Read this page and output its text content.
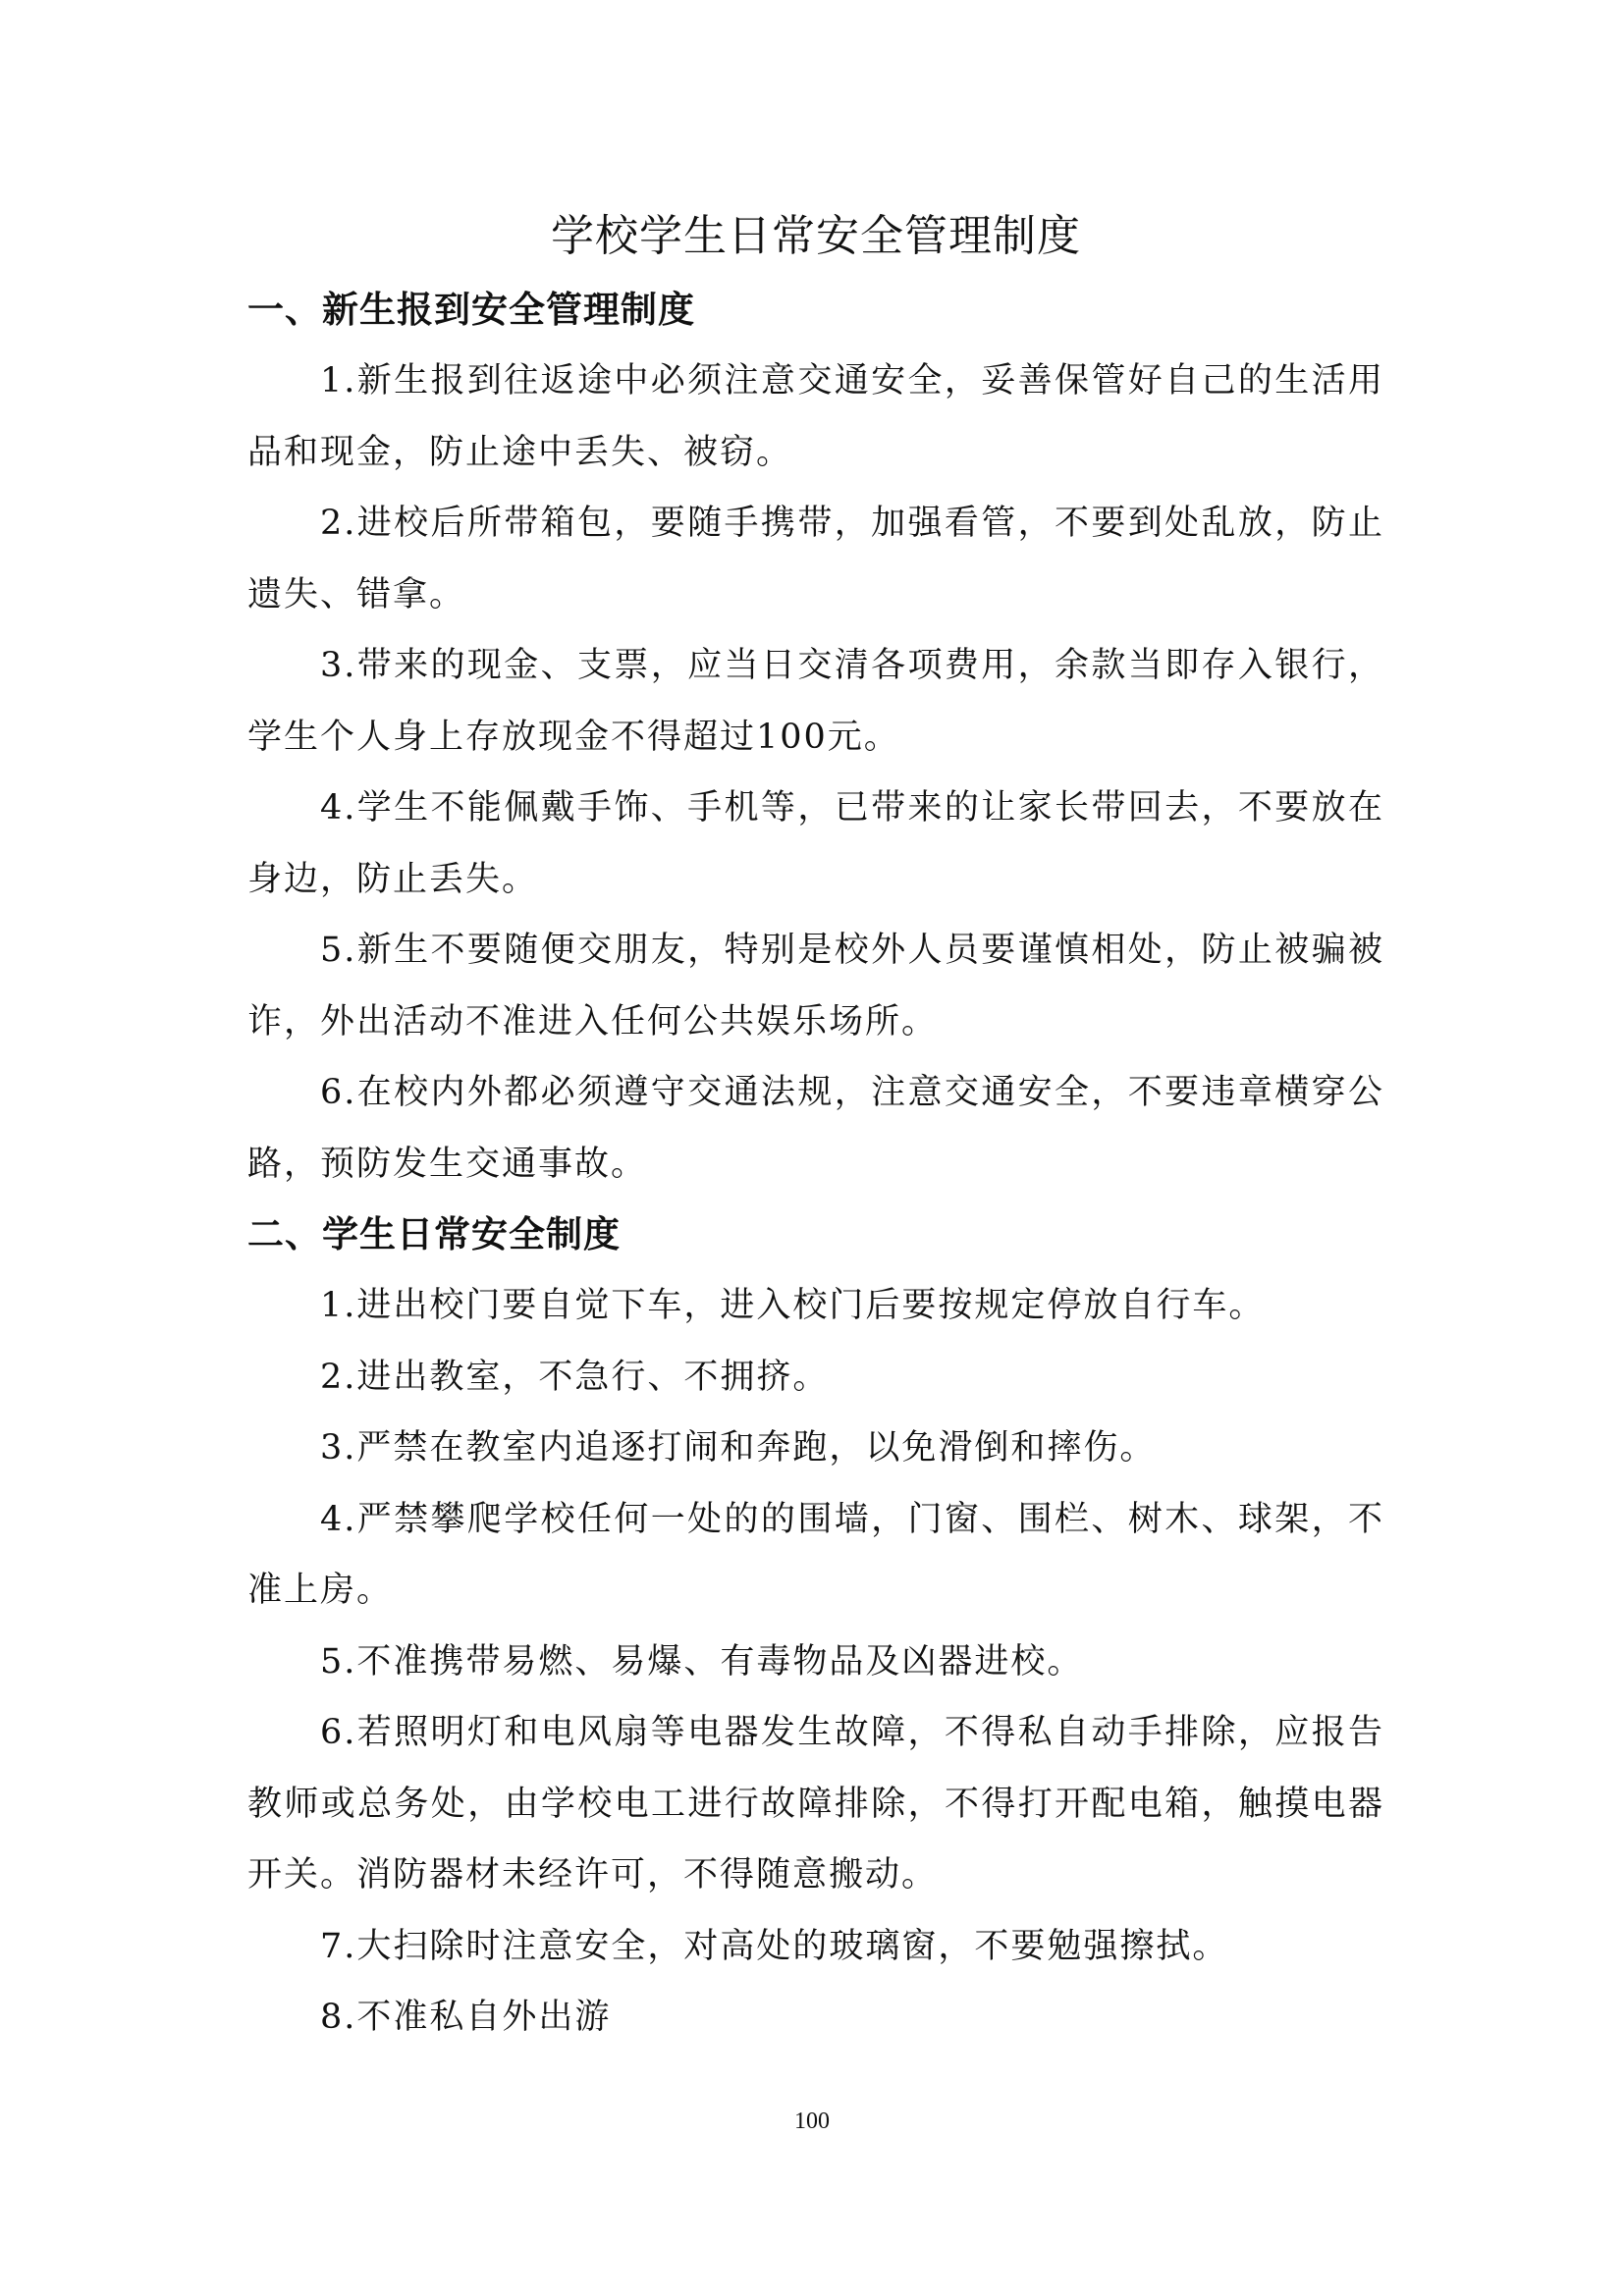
学校学生日常安全管理制度
一、新生报到安全管理制度

1.新生报到往返途中必须注意交通安全，妥善保管好自己的生活用品和现金，防止途中丢失、被窃。

2.进校后所带箱包，要随手携带，加强看管，不要到处乱放，防止遗失、错拿。

3.带来的现金、支票，应当日交清各项费用，余款当即存入银行，学生个人身上存放现金不得超过100元。

4.学生不能佩戴手饰、手机等，已带来的让家长带回去，不要放在身边，防止丢失。

5.新生不要随便交朋友，特别是校外人员要谨慎相处，防止被骗被诈，外出活动不准进入任何公共娱乐场所。

6.在校内外都必须遵守交通法规，注意交通安全，不要违章横穿公路，预防发生交通事故。

二、学生日常安全制度

1.进出校门要自觉下车，进入校门后要按规定停放自行车。

2.进出教室，不急行、不拥挤。

3.严禁在教室内追逐打闹和奔跑，以免滑倒和摔伤。

4.严禁攀爬学校任何一处的的围墙，门窗、围栏、树木、球架，不准上房。

5.不准携带易燃、易爆、有毒物品及凶器进校。

6.若照明灯和电风扇等电器发生故障，不得私自动手排除，应报告教师或总务处，由学校电工进行故障排除，不得打开配电箱，触摸电器开关。消防器材未经许可，不得随意搬动。

7.大扫除时注意安全，对高处的玻璃窗，不要勉强擦拭。

8.不准私自外出游

100
